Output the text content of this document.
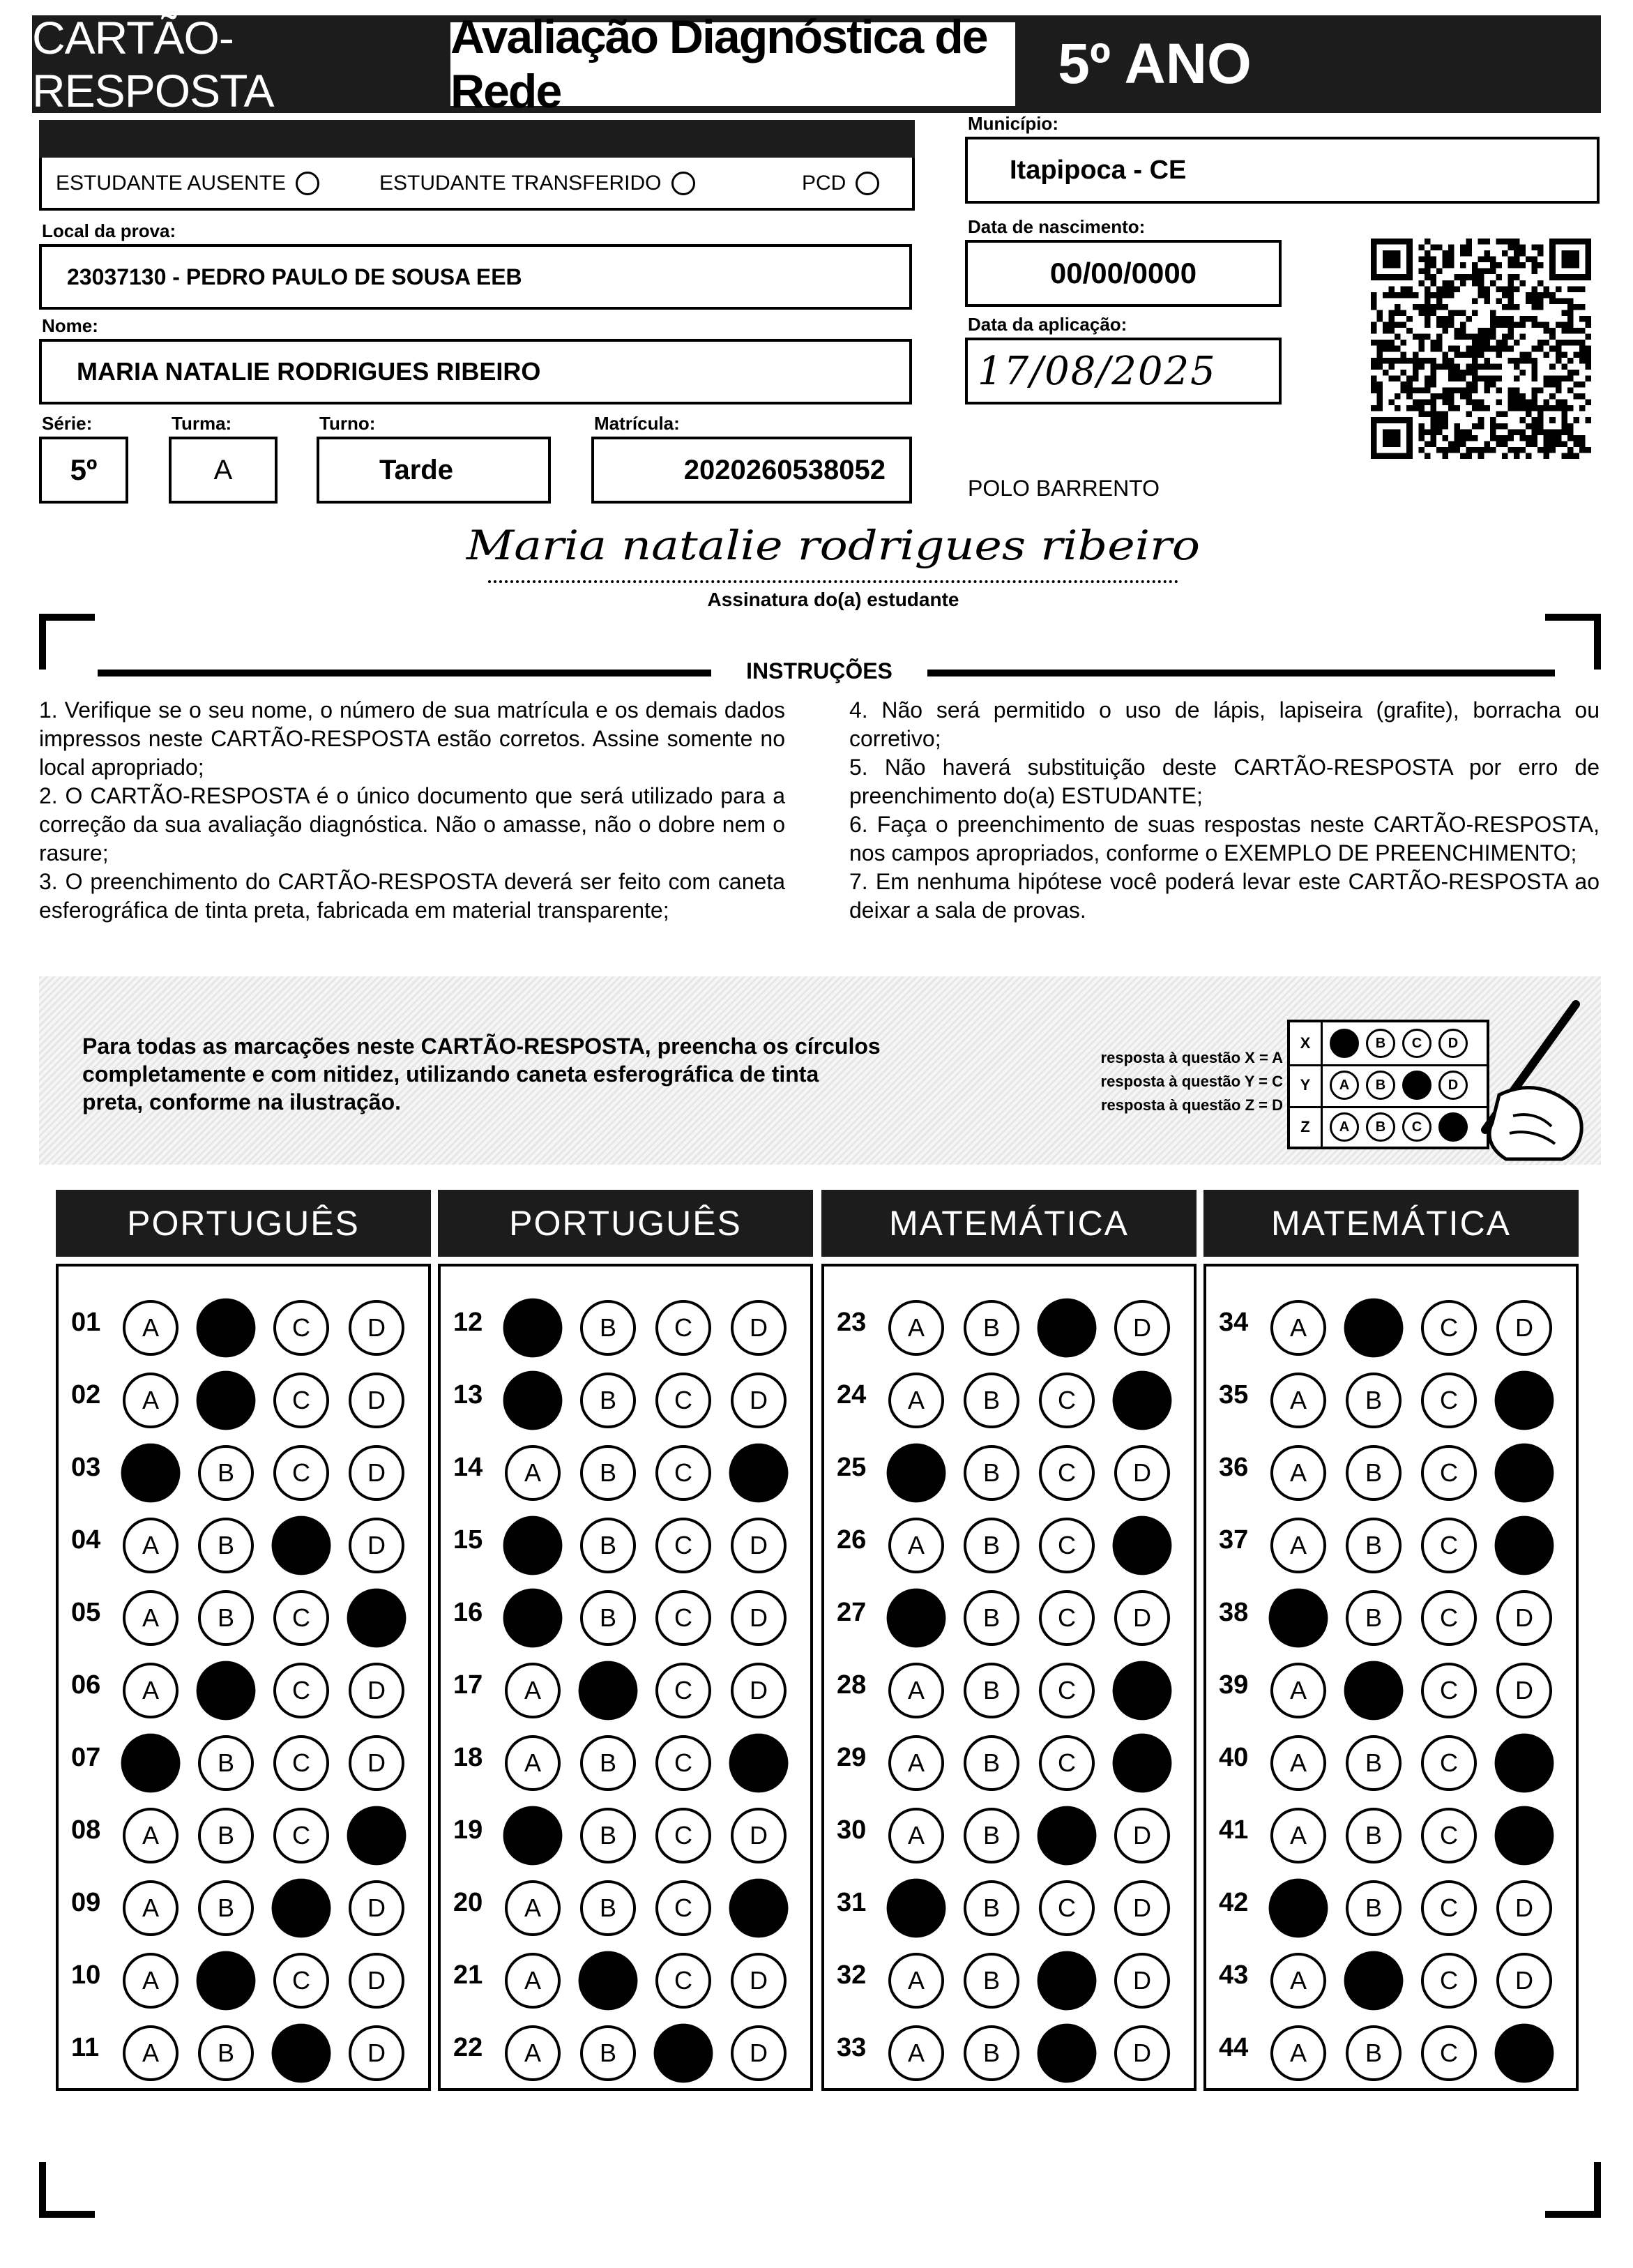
CARTÃO-RESPOSTA
Avaliação Diagnóstica de Rede	5º ANO
ESTUDANTE AUSENTE	ESTUDANTE TRANSFERIDO	PCD
Município:
Itapipoca - CE
Local da prova:
23037130 - PEDRO PAULO DE SOUSA EEB
Data de nascimento:
00/00/0000
Nome:
MARIA NATALIE RODRIGUES RIBEIRO
Data da aplicação:
17/08/2025
Série:
5º
Turma:
A
Turno:
Tarde
Matrícula:
2020260538052
POLO BARRENTO
Maria natalie rodrigues ribeiro
Assinatura do(a) estudante
INSTRUÇÕES

1. Verifique se o seu nome, o número de sua matrícula e os demais dados impressos neste CARTÃO-RESPOSTA estão corretos. Assine somente no local apropriado;

2. O CARTÃO-RESPOSTA é o único documento que será utilizado para a correção da sua avaliação diagnóstica. Não o amasse, não o dobre nem o rasure;

3. O preenchimento do CARTÃO-RESPOSTA deverá ser feito com caneta esferográfica de tinta preta, fabricada em material transparente;

4. Não será permitido o uso de lápis, lapiseira (grafite), borracha ou corretivo;

5. Não haverá substituição deste CARTÃO-RESPOSTA por erro de preenchimento do(a) ESTUDANTE;

6. Faça o preenchimento de suas respostas neste CARTÃO-RESPOSTA, nos campos apropriados, conforme o EXEMPLO DE PREENCHIMENTO;

7. Em nenhuma hipótese você poderá levar este CARTÃO-RESPOSTA ao deixar a sala de provas.

Para todas as marcações neste CARTÃO-RESPOSTA, preencha os círculos completamente e com nitidez, utilizando caneta esferográfica de tinta preta, conforme na ilustração.
resposta à questão X = A
resposta à questão Y = C
resposta à questão Z = D
X	B	C	D
Y	A	B	D
Z	A	B	C
PORTUGUÊS
01	A	C	D
02	A	C	D
03	B	C	D
04	A	B	D
05	A	B	C
06	A	C	D
07	B	C	D
08	A	B	C
09	A	B	D
10	A	C	D
11	A	B	D
PORTUGUÊS
12	B	C	D
13	B	C	D
14	A	B	C
15	B	C	D
16	B	C	D
17	A	C	D
18	A	B	C
19	B	C	D
20	A	B	C
21	A	C	D
22	A	B	D
MATEMÁTICA
23	A	B	D
24	A	B	C
25	B	C	D
26	A	B	C
27	B	C	D
28	A	B	C
29	A	B	C
30	A	B	D
31	B	C	D
32	A	B	D
33	A	B	D
MATEMÁTICA
34	A	C	D
35	A	B	C
36	A	B	C
37	A	B	C
38	B	C	D
39	A	C	D
40	A	B	C
41	A	B	C
42	B	C	D
43	A	C	D
44	A	B	C
